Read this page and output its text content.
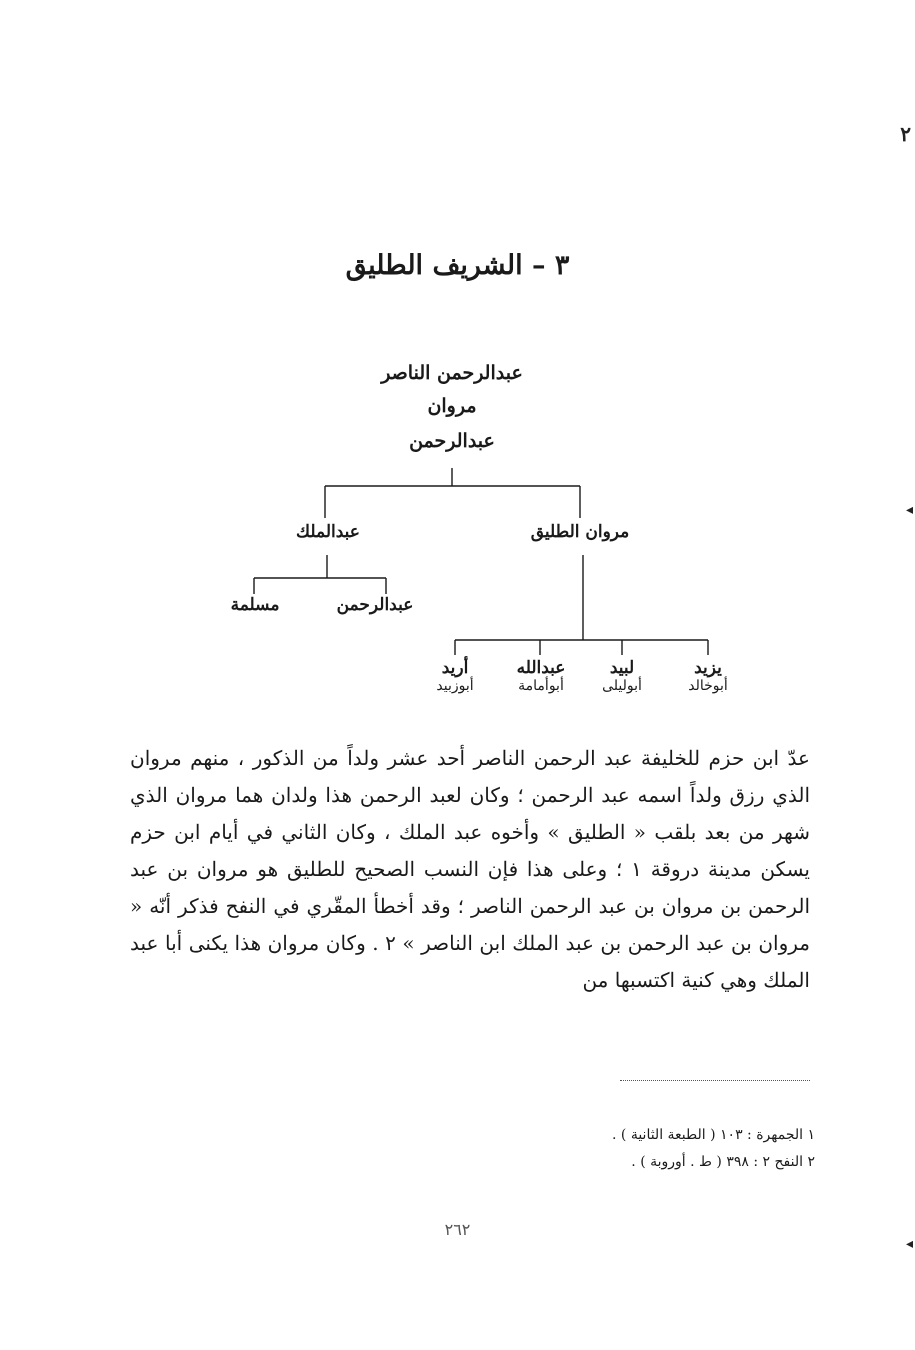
٢
◂
◂
٣ – الشريف الطليق
عبدالرحمن الناصر
مروان
عبدالرحمن
مروان الطليق
عبدالملك
عبدالرحمن
مسلمة
يزيد
أبوخالد
لبيد
أبوليلى
عبدالله
أبوأمامة
أريد
أبوزبيد

عدّ ابن حزم للخليفة عبد الرحمن الناصر أحد عشر ولداً من الذكور ، منهم مروان الذي رزق ولداً اسمه عبد الرحمن ؛ وكان لعبد الرحمن هذا ولدان هما مروان الذي شهر من بعد بلقب « الطليق » وأخوه عبد الملك ، وكان الثاني في أيام ابن حزم يسكن مدينة دروقة ١ ؛ وعلى هذا فإن النسب الصحيح للطليق هو مروان بن عبد الرحمن بن مروان بن عبد الرحمن الناصر ؛ وقد أخطأ المقّري في النفح فذكر أنّه « مروان بن عبد الرحمن بن عبد الملك ابن الناصر » ٢ . وكان مروان هذا يكنى أبا عبد الملك وهي كنية اكتسبها من

١ الجمهرة : ١٠٣ ( الطبعة الثانية ) .
٢ النفح ٢ : ٣٩٨ ( ط . أوروبة ) .
٢٦٢
